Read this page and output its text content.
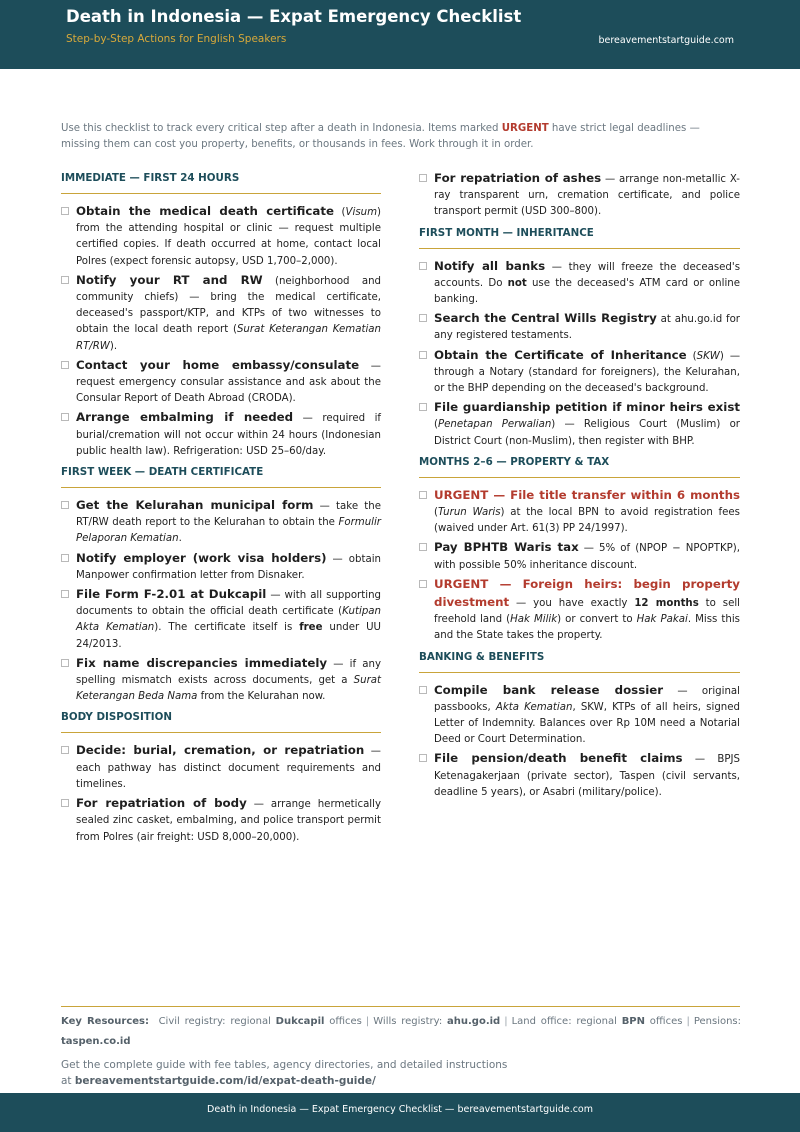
Death in Indonesia — Expat Emergency Checklist
Step-by-Step Actions for English Speakers	bereavementstartguide.com
Use this checklist to track every critical step after a death in Indonesia. Items marked URGENT have strict legal deadlines — missing them can cost you property, benefits, or thousands in fees. Work through it in order.
IMMEDIATE — FIRST 24 HOURS
Obtain the medical death certificate (Visum) from the attending hospital or clinic — request multiple certified copies. If death occurred at home, contact local Polres (expect forensic autopsy, USD 1,700–2,000).
Notify your RT and RW (neighborhood and community chiefs) — bring the medical certificate, deceased's passport/KTP, and KTPs of two witnesses to obtain the local death report (Surat Keterangan Kematian RT/RW).
Contact your home embassy/consulate — request emergency consular assistance and ask about the Consular Report of Death Abroad (CRODA).
Arrange embalming if needed — required if burial/cremation will not occur within 24 hours (Indonesian public health law). Refrigeration: USD 25–60/day.
FIRST WEEK — DEATH CERTIFICATE
Get the Kelurahan municipal form — take the RT/RW death report to the Kelurahan to obtain the Formulir Pelaporan Kematian.
Notify employer (work visa holders) — obtain Manpower confirmation letter from Disnaker.
File Form F-2.01 at Dukcapil — with all supporting documents to obtain the official death certificate (Kutipan Akta Kematian). The certificate itself is free under UU 24/2013.
Fix name discrepancies immediately — if any spelling mismatch exists across documents, get a Surat Keterangan Beda Nama from the Kelurahan now.
BODY DISPOSITION
Decide: burial, cremation, or repatriation — each pathway has distinct document requirements and timelines.
For repatriation of body — arrange hermetically sealed zinc casket, embalming, and police transport permit from Polres (air freight: USD 8,000–20,000).
For repatriation of ashes — arrange non-metallic X-ray transparent urn, cremation certificate, and police transport permit (USD 300–800).
FIRST MONTH — INHERITANCE
Notify all banks — they will freeze the deceased's accounts. Do not use the deceased's ATM card or online banking.
Search the Central Wills Registry at ahu.go.id for any registered testaments.
Obtain the Certificate of Inheritance (SKW) — through a Notary (standard for foreigners), the Kelurahan, or the BHP depending on the deceased's background.
File guardianship petition if minor heirs exist (Penetapan Perwalian) — Religious Court (Muslim) or District Court (non-Muslim), then register with BHP.
MONTHS 2–6 — PROPERTY & TAX
URGENT — File title transfer within 6 months (Turun Waris) at the local BPN to avoid registration fees (waived under Art. 61(3) PP 24/1997).
Pay BPHTB Waris tax — 5% of (NPOP − NPOPTKP), with possible 50% inheritance discount.
URGENT — Foreign heirs: begin property divestment — you have exactly 12 months to sell freehold land (Hak Milik) or convert to Hak Pakai. Miss this and the State takes the property.
BANKING & BENEFITS
Compile bank release dossier — original passbooks, Akta Kematian, SKW, KTPs of all heirs, signed Letter of Indemnity. Balances over Rp 10M need a Notarial Deed or Court Determination.
File pension/death benefit claims — BPJS Ketenagakerjaan (private sector), Taspen (civil servants, deadline 5 years), or Asabri (military/police).
Key Resources: Civil registry: regional Dukcapil offices | Wills registry: ahu.go.id | Land office: regional BPN offices | Pensions: taspen.co.id
Get the complete guide with fee tables, agency directories, and detailed instructions
at bereavementstartguide.com/id/expat-death-guide/
Death in Indonesia — Expat Emergency Checklist — bereavementstartguide.com
